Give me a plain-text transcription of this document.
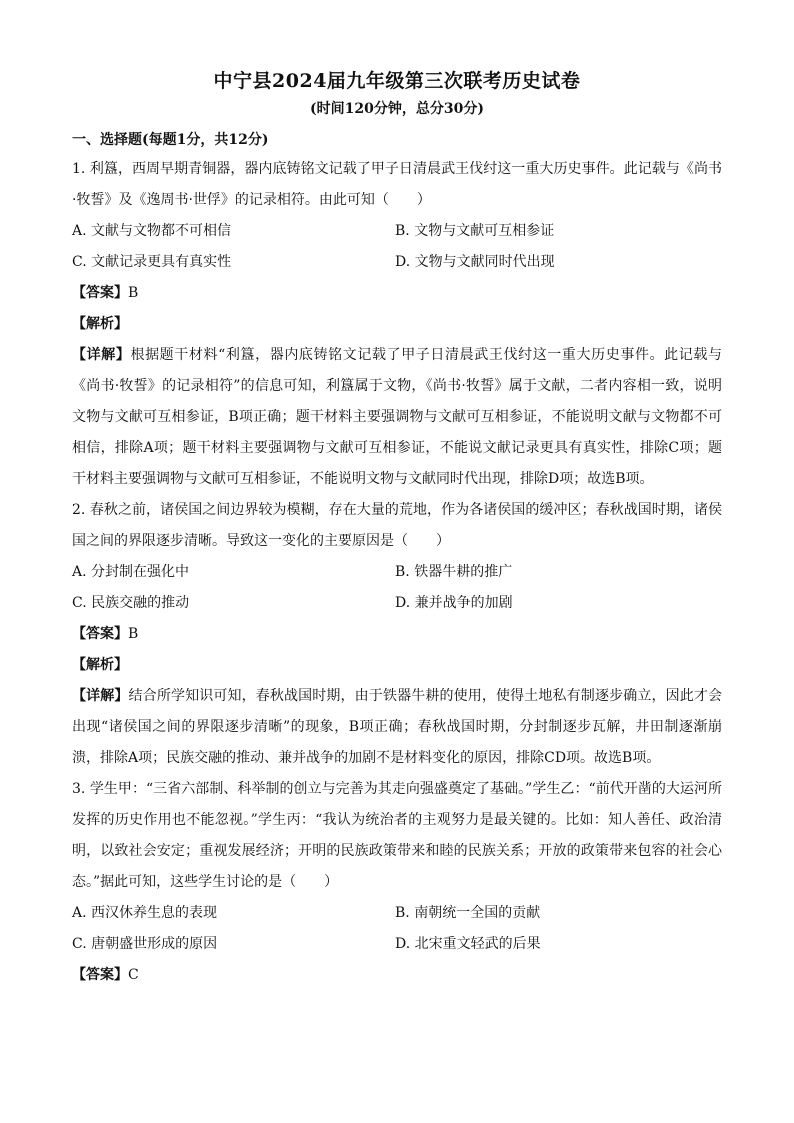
中宁县2024届九年级第三次联考历史试卷
(时间120分钟，总分30分)
一、选择题(每题1分，共12分)

1. 利簋，西周早期青铜器，器内底铸铭文记载了甲子日清晨武王伐纣这一重大历史事件。此记载与《尚书·牧誓》及《逸周书·世俘》的记录相符。由此可知（　　）

A. 文献与文物都不可相信	B. 文物与文献可互相参证
C. 文献记录更具有真实性	D. 文物与文献同时代出现

【答案】B

【解析】

【详解】根据题干材料“利簋，器内底铸铭文记载了甲子日清晨武王伐纣这一重大历史事件。此记载与《尚书·牧誓》的记录相符”的信息可知，利簋属于文物，《尚书·牧誓》属于文献，二者内容相一致，说明文物与文献可互相参证，B项正确；题干材料主要强调物与文献可互相参证，不能说明文献与文物都不可相信，排除A项；题干材料主要强调物与文献可互相参证，不能说文献记录更具有真实性，排除C项；题干材料主要强调物与文献可互相参证，不能说明文物与文献同时代出现，排除D项；故选B项。

2. 春秋之前，诸侯国之间边界较为模糊，存在大量的荒地，作为各诸侯国的缓冲区；春秋战国时期，诸侯国之间的界限逐步清晰。导致这一变化的主要原因是（　　）

A. 分封制在强化中	B. 铁器牛耕的推广
C. 民族交融的推动	D. 兼并战争的加剧

【答案】B

【解析】

【详解】结合所学知识可知，春秋战国时期，由于铁器牛耕的使用，使得土地私有制逐步确立，因此才会出现“诸侯国之间的界限逐步清晰”的现象，B项正确；春秋战国时期，分封制逐步瓦解，井田制逐渐崩溃，排除A项；民族交融的推动、兼并战争的加剧不是材料变化的原因，排除CD项。故选B项。

3. 学生甲：“三省六部制、科举制的创立与完善为其走向强盛奠定了基础。”学生乙：“前代开凿的大运河所发挥的历史作用也不能忽视。”学生丙：“我认为统治者的主观努力是最关键的。比如：知人善任、政治清明，以致社会安定；重视发展经济；开明的民族政策带来和睦的民族关系；开放的政策带来包容的社会心态。”据此可知，这些学生讨论的是（　　）

A. 西汉休养生息的表现	B. 南朝统一全国的贡献
C. 唐朝盛世形成的原因	D. 北宋重文轻武的后果

【答案】C
